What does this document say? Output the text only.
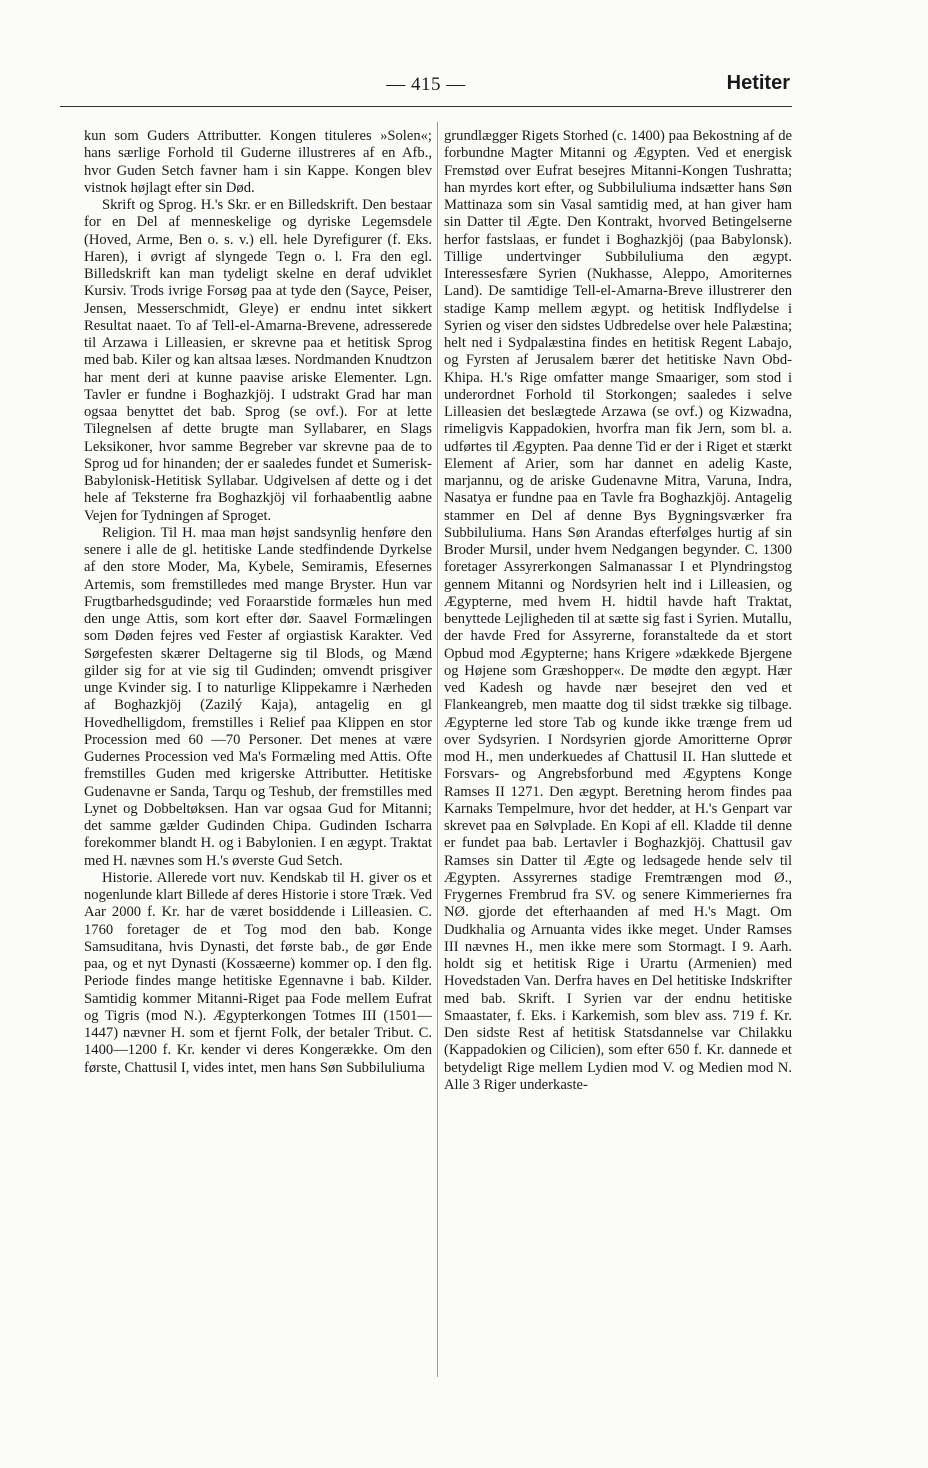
— 415 —	Hetiter

kun som Guders Attributter. Kongen tituleres »Solen«; hans særlige Forhold til Guderne illustreres af en Afb., hvor Guden Setch favner ham i sin Kappe. Kongen blev vistnok højlagt efter sin Død.

Skrift og Sprog. H.'s Skr. er en Billedskrift. Den bestaar for en Del af menneskelige og dyriske Legemsdele (Hoved, Arme, Ben o. s. v.) ell. hele Dyrefigurer (f. Eks. Haren), i øvrigt af slyngede Tegn o. l. Fra den egl. Billedskrift kan man tydeligt skelne en deraf udviklet Kursiv. Trods ivrige Forsøg paa at tyde den (Sayce, Peiser, Jensen, Messerschmidt, Gleye) er endnu intet sikkert Resultat naaet. To af Tell-el-Amarna-Brevene, adresserede til Arzawa i Lilleasien, er skrevne paa et hetitisk Sprog med bab. Kiler og kan altsaa læses. Nordmanden Knudtzon har ment deri at kunne paavise ariske Elementer. Lgn. Tavler er fundne i Boghazkjöj. I udstrakt Grad har man ogsaa benyttet det bab. Sprog (se ovf.). For at lette Tilegnelsen af dette brugte man Syllabarer, en Slags Leksikoner, hvor samme Begreber var skrevne paa de to Sprog ud for hinanden; der er saaledes fundet et Sumerisk-Babylonisk-Hetitisk Syllabar. Udgivelsen af dette og i det hele af Teksterne fra Boghazkjöj vil forhaabentlig aabne Vejen for Tydningen af Sproget.

Religion. Til H. maa man højst sandsynlig henføre den senere i alle de gl. hetitiske Lande stedfindende Dyrkelse af den store Moder, Ma, Kybele, Semiramis, Efesernes Artemis, som fremstilledes med mange Bryster. Hun var Frugtbarhedsgudinde; ved Foraarstide formæles hun med den unge Attis, som kort efter dør. Saavel Formælingen som Døden fejres ved Fester af orgiastisk Karakter. Ved Sørgefesten skærer Deltagerne sig til Blods, og Mænd gilder sig for at vie sig til Gudinden; omvendt prisgiver unge Kvinder sig. I to naturlige Klippekamre i Nærheden af Boghazkjöj (Zazilý Kaja), antagelig en gl Hovedhelligdom, fremstilles i Relief paa Klippen en stor Procession med 60 —70 Personer. Det menes at være Gudernes Procession ved Ma's Formæling med Attis. Ofte fremstilles Guden med krigerske Attributter. Hetitiske Gudenavne er Sanda, Tarqu og Teshub, der fremstilles med Lynet og Dobbeltøksen. Han var ogsaa Gud for Mitanni; det samme gælder Gudinden Chipa. Gudinden Ischarra forekommer blandt H. og i Babylonien. I en ægypt. Traktat med H. nævnes som H.'s øverste Gud Setch.

Historie. Allerede vort nuv. Kendskab til H. giver os et nogenlunde klart Billede af deres Historie i store Træk. Ved Aar 2000 f. Kr. har de været bosiddende i Lilleasien. C. 1760 foretager de et Tog mod den bab. Konge Samsuditana, hvis Dynasti, det første bab., de gør Ende paa, og et nyt Dynasti (Kossæerne) kommer op. I den flg. Periode findes mange hetitiske Egennavne i bab. Kilder. Samtidig kommer Mitanni-Riget paa Fode mellem Eufrat og Tigris (mod N.). Ægypterkongen Totmes III (1501—1447) nævner H. som et fjernt Folk, der betaler Tribut. C. 1400—1200 f. Kr. kender vi deres Kongerække. Om den første, Chattusil I, vides intet, men hans Søn Subbiluliuma

grundlægger Rigets Storhed (c. 1400) paa Bekostning af de forbundne Magter Mitanni og Ægypten. Ved et energisk Fremstød over Eufrat besejres Mitanni-Kongen Tushratta; han myrdes kort efter, og Subbiluliuma indsætter hans Søn Mattinaza som sin Vasal samtidig med, at han giver ham sin Datter til Ægte. Den Kontrakt, hvorved Betingelserne herfor fastslaas, er fundet i Boghazkjöj (paa Babylonsk). Tillige undertvinger Subbiluliuma den ægypt. Interessesfære Syrien (Nukhasse, Aleppo, Amoriternes Land). De samtidige Tell-el-Amarna-Breve illustrerer den stadige Kamp mellem ægypt. og hetitisk Indflydelse i Syrien og viser den sidstes Udbredelse over hele Palæstina; helt ned i Sydpalæstina findes en hetitisk Regent Labajo, og Fyrsten af Jerusalem bærer det hetitiske Navn Obd-Khipa. H.'s Rige omfatter mange Smaariger, som stod i underordnet Forhold til Storkongen; saaledes i selve Lilleasien det beslægtede Arzawa (se ovf.) og Kizwadna, rimeligvis Kappadokien, hvorfra man fik Jern, som bl. a. udførtes til Ægypten. Paa denne Tid er der i Riget et stærkt Element af Arier, som har dannet en adelig Kaste, marjannu, og de ariske Gudenavne Mitra, Varuna, Indra, Nasatya er fundne paa en Tavle fra Boghazkjöj. Antagelig stammer en Del af denne Bys Bygningsværker fra Subbiluliuma. Hans Søn Arandas efterfølges hurtig af sin Broder Mursil, under hvem Nedgangen begynder. C. 1300 foretager Assyrerkongen Salmanassar I et Plyndringstog gennem Mitanni og Nordsyrien helt ind i Lilleasien, og Ægypterne, med hvem H. hidtil havde haft Traktat, benyttede Lejligheden til at sætte sig fast i Syrien. Mutallu, der havde Fred for Assyrerne, foranstaltede da et stort Opbud mod Ægypterne; hans Krigere »dækkede Bjergene og Højene som Græshopper«. De mødte den ægypt. Hær ved Kadesh og havde nær besejret den ved et Flankeangreb, men maatte dog til sidst trække sig tilbage. Ægypterne led store Tab og kunde ikke trænge frem ud over Sydsyrien. I Nordsyrien gjorde Amoritterne Oprør mod H., men underkuedes af Chattusil II. Han sluttede et Forsvars- og Angrebsforbund med Ægyptens Konge Ramses II 1271. Den ægypt. Beretning herom findes paa Karnaks Tempelmure, hvor det hedder, at H.'s Genpart var skrevet paa en Sølvplade. En Kopi af ell. Kladde til denne er fundet paa bab. Lertavler i Boghazkjöj. Chattusil gav Ramses sin Datter til Ægte og ledsagede hende selv til Ægypten. Assyrernes stadige Fremtrængen mod Ø., Frygernes Frembrud fra SV. og senere Kimmeriernes fra NØ. gjorde det efterhaanden af med H.'s Magt. Om Dudkhalia og Arnuanta vides ikke meget. Under Ramses III nævnes H., men ikke mere som Stormagt. I 9. Aarh. holdt sig et hetitisk Rige i Urartu (Armenien) med Hovedstaden Van. Derfra haves en Del hetitiske Indskrifter med bab. Skrift. I Syrien var der endnu hetitiske Smaastater, f. Eks. i Karkemish, som blev ass. 719 f. Kr. Den sidste Rest af hetitisk Statsdannelse var Chilakku (Kappadokien og Cilicien), som efter 650 f. Kr. dannede et betydeligt Rige mellem Lydien mod V. og Medien mod N. Alle 3 Riger underkaste-
